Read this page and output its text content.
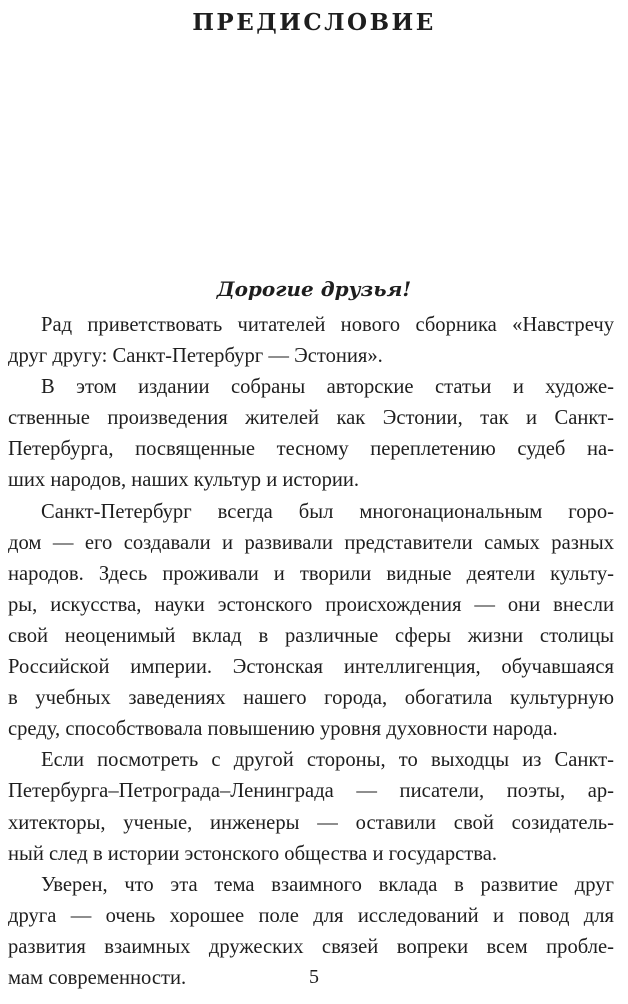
ПРЕДИСЛОВИЕ

Дорогие друзья!

Рад приветствовать читателей нового сборника «Навстречу
друг другу: Санкт-Петербург — Эстония».
В этом издании собраны авторские статьи и художе-
ственные произведения жителей как Эстонии, так и Санкт-
Петербурга, посвященные тесному переплетению судеб на-
ших народов, наших культур и истории.
Санкт-Петербург всегда был многонациональным горо-
дом — его создавали и развивали представители самых разных
народов. Здесь проживали и творили видные деятели культу-
ры, искусства, науки эстонского происхождения — они внесли
свой неоценимый вклад в различные сферы жизни столицы
Российской империи. Эстонская интеллигенция, обучавшаяся
в учебных заведениях нашего города, обогатила культурную
среду, способствовала повышению уровня духовности народа.
Если посмотреть с другой стороны, то выходцы из Санкт-
Петербурга–Петрограда–Ленинграда — писатели, поэты, ар-
хитекторы, ученые, инженеры — оставили свой созидатель-
ный след в истории эстонского общества и государства.
Уверен, что эта тема взаимного вклада в развитие друг
друга — очень хорошее поле для исследований и повод для
развития взаимных дружеских связей вопреки всем пробле-
мам современности.	5
